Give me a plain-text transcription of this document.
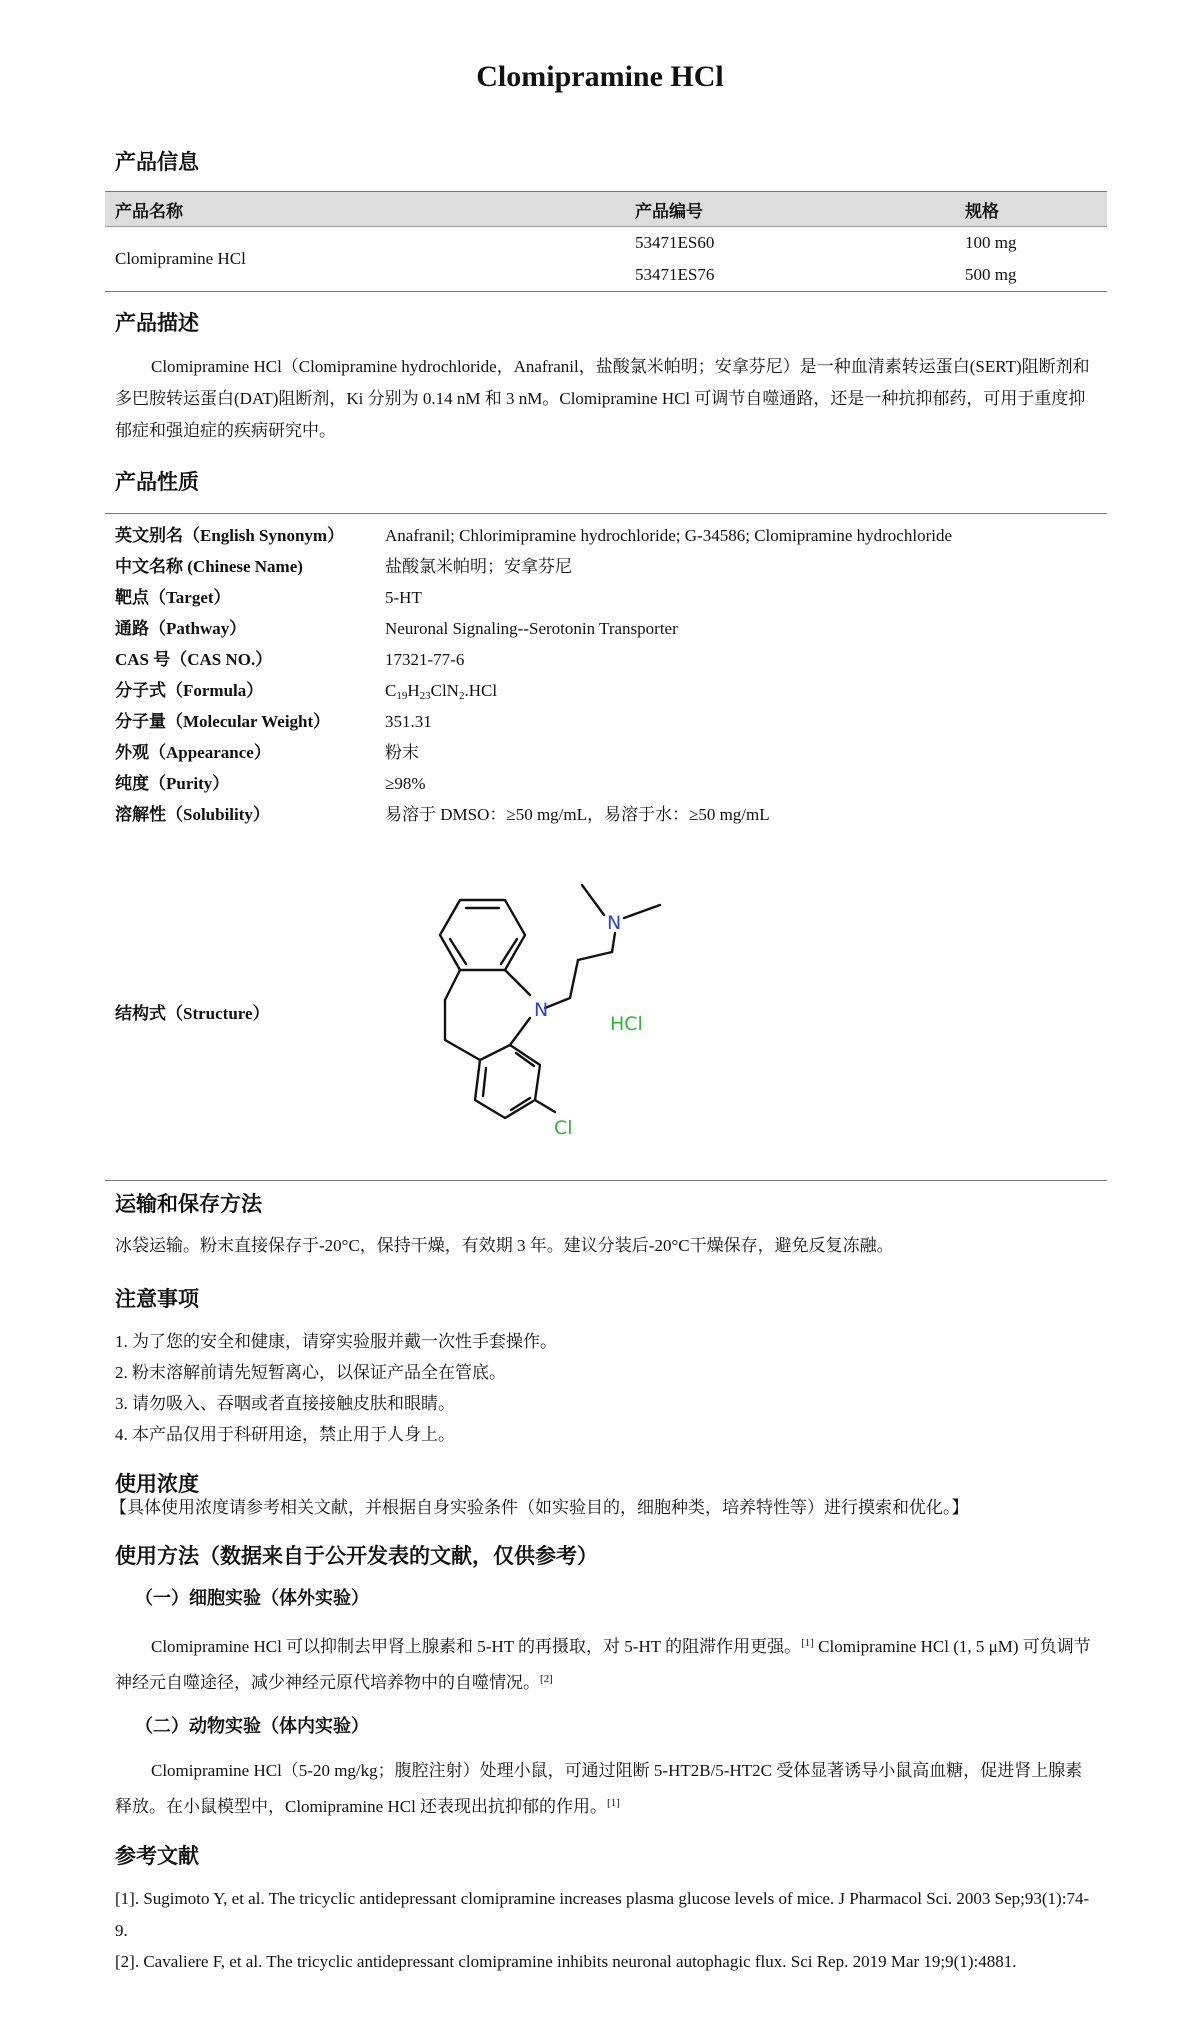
Clomipramine HCl
产品信息
产品名称	产品编号	规格
Clomipramine HCl	53471ES60	100 mg
	53471ES76	500 mg
产品描述
Clomipramine HCl（Clomipramine hydrochloride，Anafranil，盐酸氯米帕明；安拿芬尼）是一种血清素转运蛋白(SERT)阻断剂和多巴胺转运蛋白(DAT)阻断剂，Ki 分别为 0.14 nM 和 3 nM。Clomipramine HCl 可调节自噬通路，还是一种抗抑郁药，可用于重度抑郁症和强迫症的疾病研究中。
产品性质
英文别名（English Synonym） Anafranil; Chlorimipramine hydrochloride; G-34586; Clomipramine hydrochloride
中文名称 (Chinese Name)	盐酸氯米帕明；安拿芬尼
靶点（Target）	5-HT
通路（Pathway）	Neuronal Signaling--Serotonin Transporter
CAS 号（CAS NO.）	17321-77-6
分子式（Formula）	$C_{19}H_{23}ClN_2.HCl$
分子量（Molecular Weight）	351.31
外观（Appearance）	粉末
纯度（Purity）	≥98%
溶解性（Solubility）	易溶于 DMSO：≥50 mg/mL，易溶于水：≥50 mg/mL
结构式（Structure）	N
N
HCl
Cl
运输和保存方法
冰袋运输。粉末直接保存于-20°C，保持干燥，有效期 3 年。建议分装后-20°C干燥保存，避免反复冻融。
注意事项
1. 为了您的安全和健康，请穿实验服并戴一次性手套操作。
2. 粉末溶解前请先短暂离心，以保证产品全在管底。
3. 请勿吸入、吞咽或者直接接触皮肤和眼睛。
4. 本产品仅用于科研用途，禁止用于人身上。
使用浓度
【具体使用浓度请参考相关文献，并根据自身实验条件（如实验目的，细胞种类，培养特性等）进行摸索和优化。】
使用方法（数据来自于公开发表的文献，仅供参考）
（一）细胞实验（体外实验）
Clomipramine HCl 可以抑制去甲肾上腺素和 5-HT 的再摄取，对 5-HT 的阻滞作用更强。[1] Clomipramine HCl (1, 5 μM) 可负调节神经元自噬途径，减少神经元原代培养物中的自噬情况。[2]
（二）动物实验（体内实验）
Clomipramine HCl（5-20 mg/kg；腹腔注射）处理小鼠，可通过阻断 5-HT2B/5-HT2C 受体显著诱导小鼠高血糖，促进肾上腺素释放。在小鼠模型中，Clomipramine HCl 还表现出抗抑郁的作用。[1]
参考文献
[1]. Sugimoto Y, et al. The tricyclic antidepressant clomipramine increases plasma glucose levels of mice. J Pharmacol Sci. 2003 Sep;93(1):74-9.
[2]. Cavaliere F, et al. The tricyclic antidepressant clomipramine inhibits neuronal autophagic flux. Sci Rep. 2019 Mar 19;9(1):4881.
